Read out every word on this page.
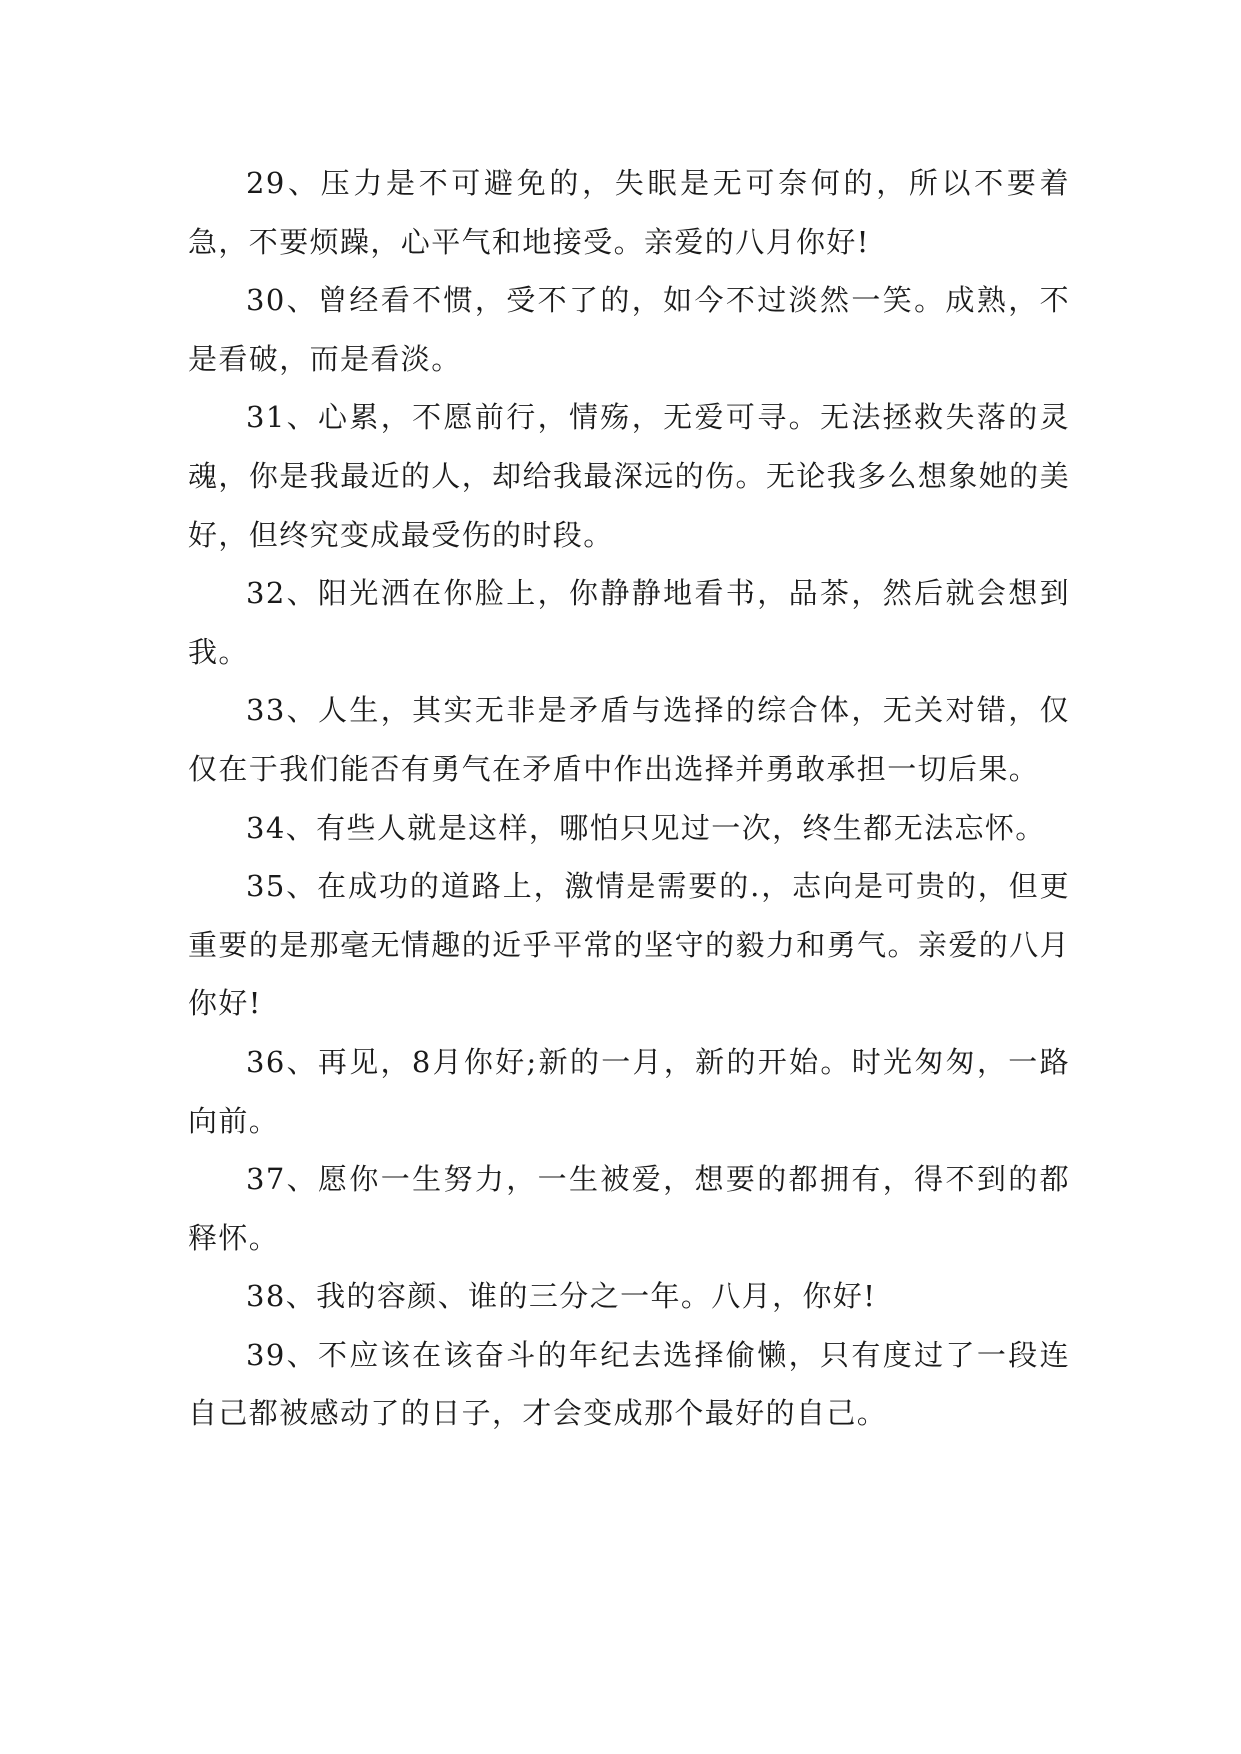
29、压力是不可避免的，失眠是无可奈何的，所以不要着急，不要烦躁，心平气和地接受。亲爱的八月你好!

30、曾经看不惯，受不了的，如今不过淡然一笑。成熟，不是看破，而是看淡。

31、心累，不愿前行，情殇，无爱可寻。无法拯救失落的灵魂，你是我最近的人，却给我最深远的伤。无论我多么想象她的美好，但终究变成最受伤的时段。

32、阳光洒在你脸上，你静静地看书，品茶，然后就会想到我。

33、人生，其实无非是矛盾与选择的综合体，无关对错，仅仅在于我们能否有勇气在矛盾中作出选择并勇敢承担一切后果。

34、有些人就是这样，哪怕只见过一次，终生都无法忘怀。

35、在成功的道路上，激情是需要的.，志向是可贵的，但更重要的是那毫无情趣的近乎平常的坚守的毅力和勇气。亲爱的八月你好!

36、再见，8月你好;新的一月，新的开始。时光匆匆，一路向前。

37、愿你一生努力，一生被爱，想要的都拥有，得不到的都释怀。

38、我的容颜、谁的三分之一年。八月，你好!

39、不应该在该奋斗的年纪去选择偷懒，只有度过了一段连自己都被感动了的日子，才会变成那个最好的自己。
